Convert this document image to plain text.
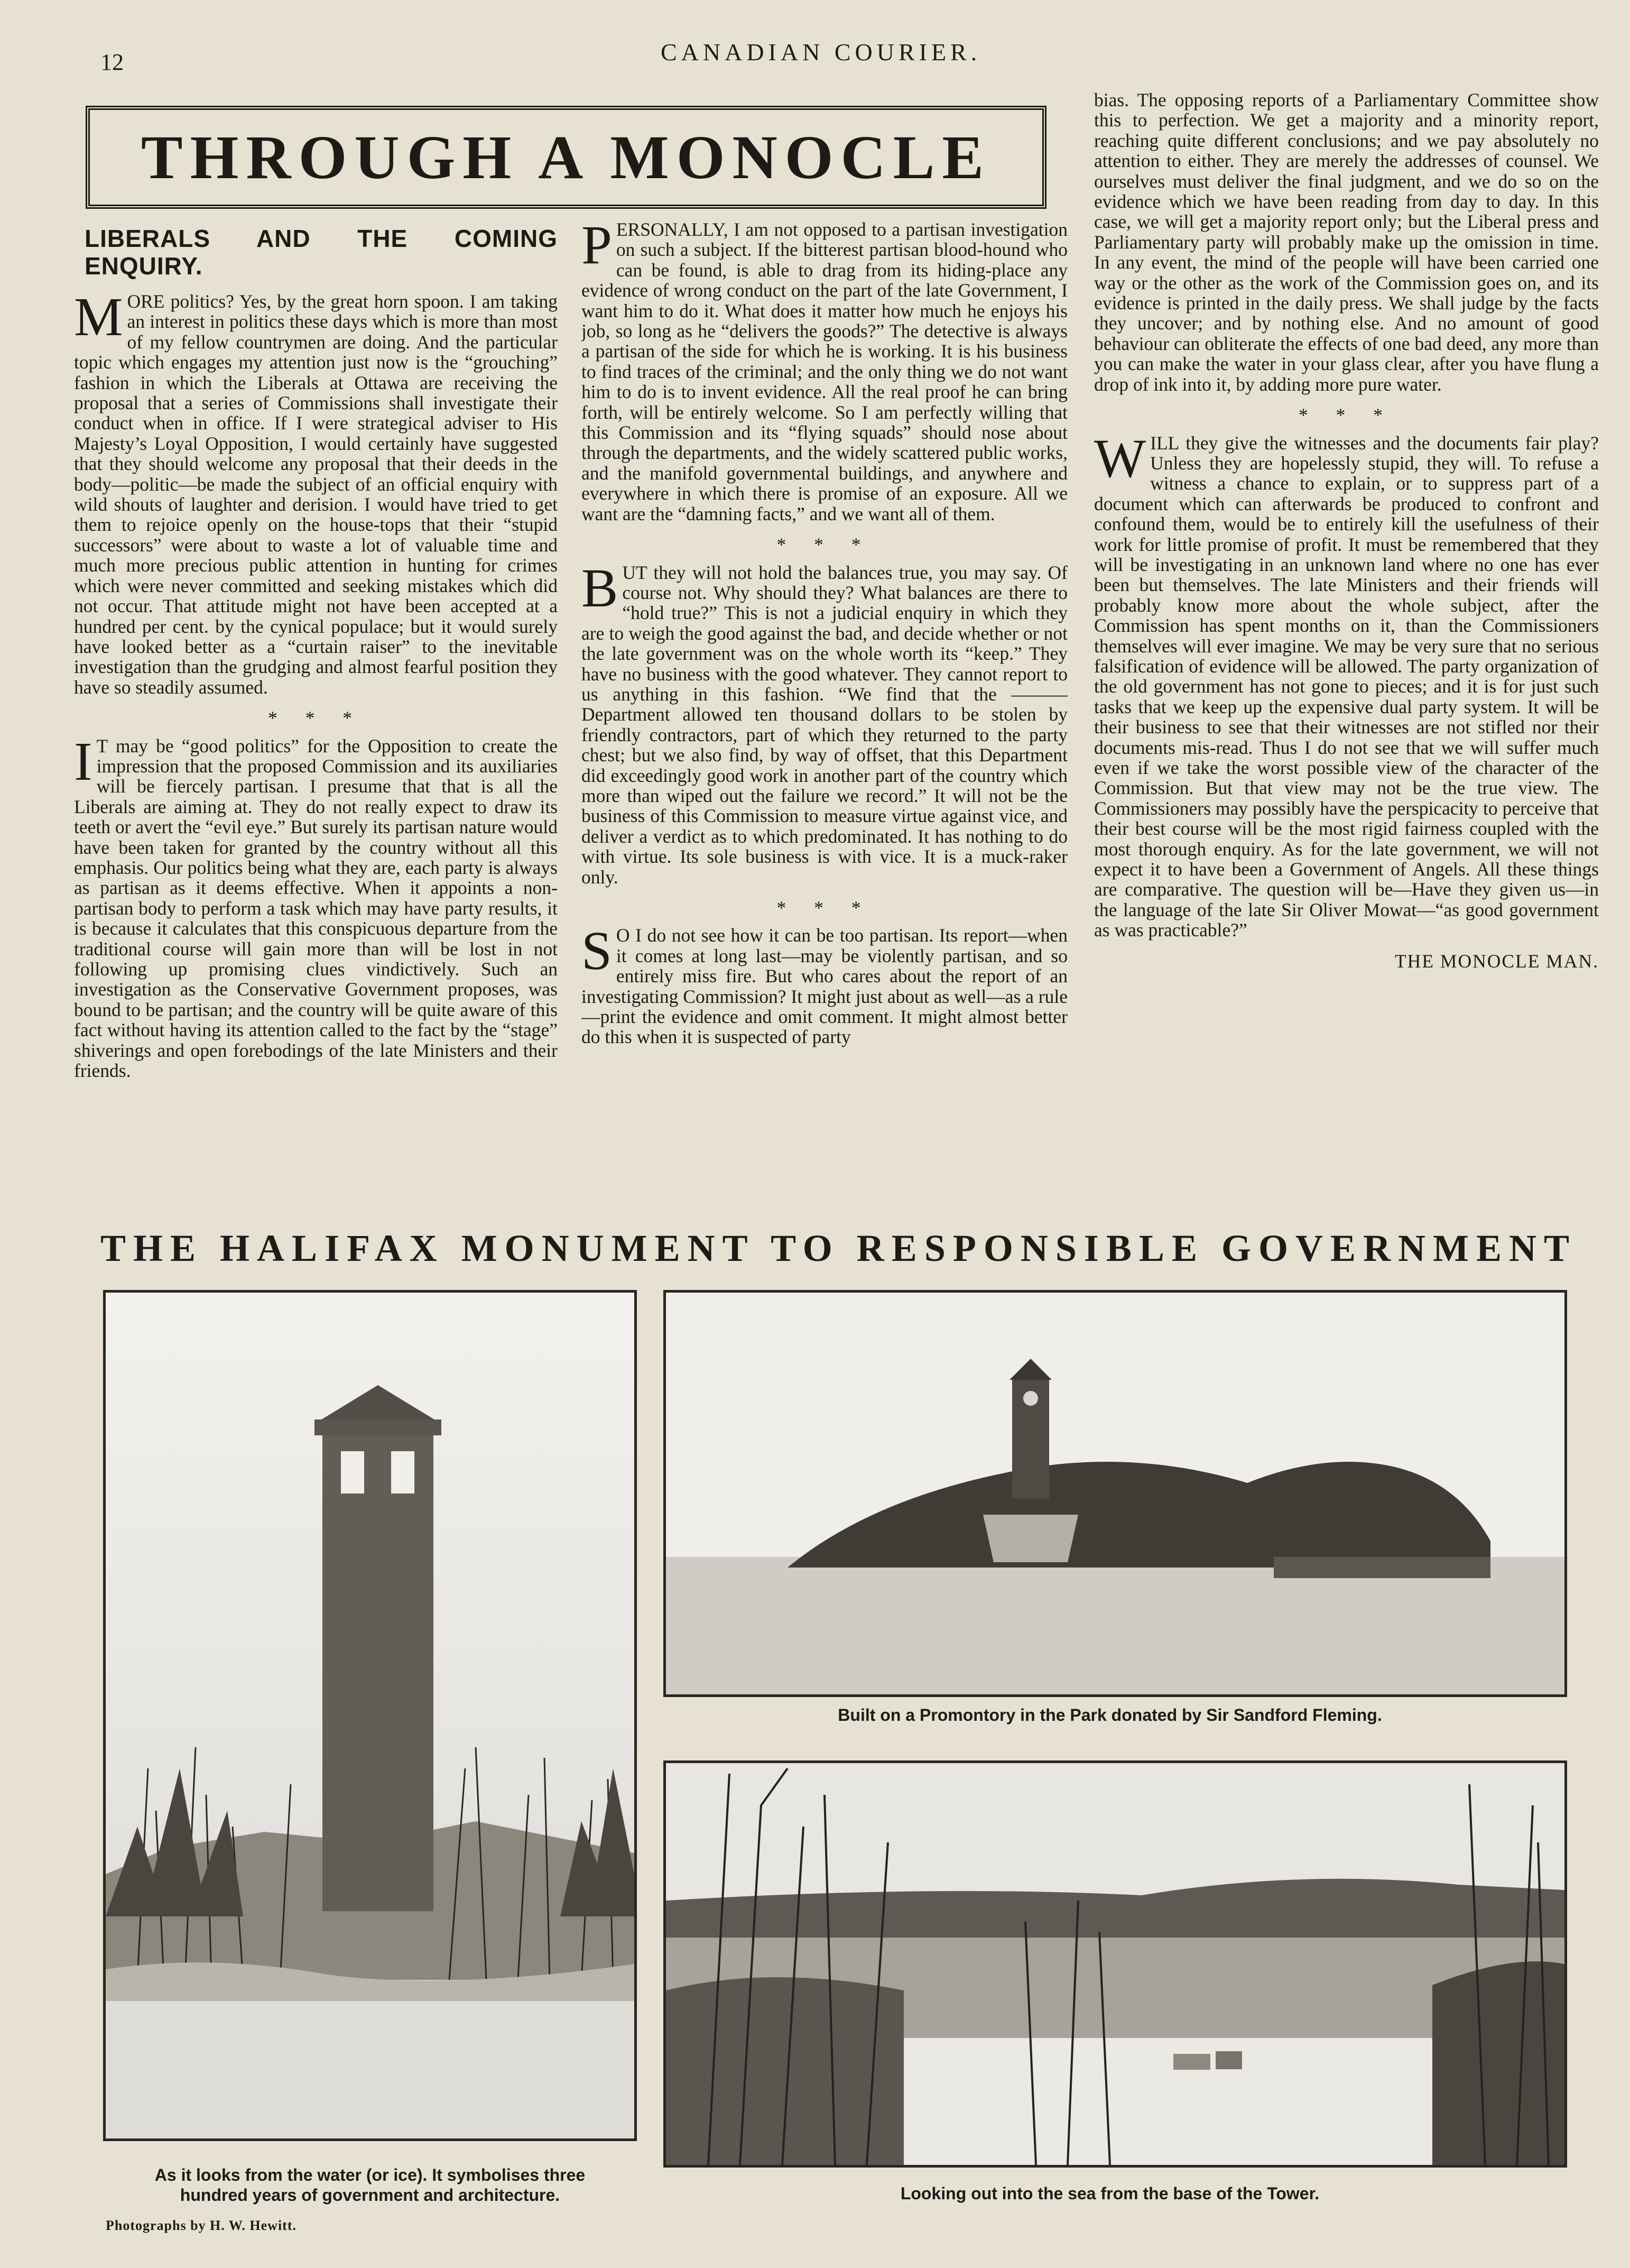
12	CANADIAN COURIER.
THROUGH A MONOCLE
LIBERALS AND THE COMING ENQUIRY.

MORE politics? Yes, by the great horn spoon. I am taking an interest in politics these days which is more than most of my fellow countrymen are doing. And the particular topic which engages my attention just now is the “grouching” fashion in which the Liberals at Ottawa are receiving the proposal that a series of Commissions shall investigate their conduct when in office. If I were strategical adviser to His Majesty’s Loyal Opposition, I would certainly have suggested that they should welcome any proposal that their deeds in the body—politic—be made the subject of an official enquiry with wild shouts of laughter and derision. I would have tried to get them to rejoice openly on the house-tops that their “stupid successors” were about to waste a lot of valuable time and much more precious public attention in hunting for crimes which were never committed and seeking mistakes which did not occur. That attitude might not have been accepted at a hundred per cent. by the cynical populace; but it would surely have looked better as a “curtain raiser” to the inevitable investigation than the grudging and almost fearful position they have so steadily assumed.

* * *

I T may be “good politics” for the Opposition to create the impression that the proposed Commission and its auxiliaries will be fiercely partisan. I presume that that is all the Liberals are aiming at. They do not really expect to draw its teeth or avert the “evil eye.” But surely its partisan nature would have been taken for granted by the country without all this emphasis. Our politics being what they are, each party is always as partisan as it deems effective. When it appoints a non-partisan body to perform a task which may have party results, it is because it calculates that this conspicuous departure from the traditional course will gain more than will be lost in not following up promising clues vindictively. Such an investigation as the Conservative Government proposes, was bound to be partisan; and the country will be quite aware of this fact without having its attention called to the fact by the “stage” shiverings and open forebodings of the late Ministers and their friends.

PERSONALLY, I am not opposed to a partisan investigation on such a subject. If the bitterest partisan blood-hound who can be found, is able to drag from its hiding-place any evidence of wrong conduct on the part of the late Government, I want him to do it. What does it matter how much he enjoys his job, so long as he “delivers the goods?” The detective is always a partisan of the side for which he is working. It is his business to find traces of the criminal; and the only thing we do not want him to do is to invent evidence. All the real proof he can bring forth, will be entirely welcome. So I am perfectly willing that this Commission and its “flying squads” should nose about through the departments, and the widely scattered public works, and the manifold governmental buildings, and anywhere and everywhere in which there is promise of an exposure. All we want are the “damning facts,” and we want all of them.

* * *

BUT they will not hold the balances true, you may say. Of course not. Why should they? What balances are there to “hold true?” This is not a judicial enquiry in which they are to weigh the good against the bad, and decide whether or not the late government was on the whole worth its “keep.” They have no business with the good whatever. They cannot report to us anything in this fashion. “We find that the ——— Department allowed ten thousand dollars to be stolen by friendly contractors, part of which they returned to the party chest; but we also find, by way of offset, that this Department did exceedingly good work in another part of the country which more than wiped out the failure we record.” It will not be the business of this Commission to measure virtue against vice, and deliver a verdict as to which predominated. It has nothing to do with virtue. Its sole business is with vice. It is a muck-raker only.

* * *

S O I do not see how it can be too partisan. Its report—when it comes at long last—may be violently partisan, and so entirely miss fire. But who cares about the report of an investigating Commission? It might just about as well—as a rule—print the evidence and omit comment. It might almost better do this when it is suspected of party

bias. The opposing reports of a Parliamentary Committee show this to perfection. We get a majority and a minority report, reaching quite different conclusions; and we pay absolutely no attention to either. They are merely the addresses of counsel. We ourselves must deliver the final judgment, and we do so on the evidence which we have been reading from day to day. In this case, we will get a majority report only; but the Liberal press and Parliamentary party will probably make up the omission in time. In any event, the mind of the people will have been carried one way or the other as the work of the Commission goes on, and its evidence is printed in the daily press. We shall judge by the facts they uncover; and by nothing else. And no amount of good behaviour can obliterate the effects of one bad deed, any more than you can make the water in your glass clear, after you have flung a drop of ink into it, by adding more pure water.

* * *

WILL they give the witnesses and the documents fair play? Unless they are hopelessly stupid, they will. To refuse a witness a chance to explain, or to suppress part of a document which can afterwards be produced to confront and confound them, would be to entirely kill the usefulness of their work for little promise of profit. It must be remembered that they will be investigating in an unknown land where no one has ever been but themselves. The late Ministers and their friends will probably know more about the whole subject, after the Commission has spent months on it, than the Commissioners themselves will ever imagine. We may be very sure that no serious falsification of evidence will be allowed. The party organization of the old government has not gone to pieces; and it is for just such tasks that we keep up the expensive dual party system. It will be their business to see that their witnesses are not stifled nor their documents mis-read. Thus I do not see that we will suffer much even if we take the worst possible view of the character of the Commission. But that view may not be the true view. The Commissioners may possibly have the perspicacity to perceive that their best course will be the most rigid fairness coupled with the most thorough enquiry. As for the late government, we will not expect it to have been a Government of Angels. All these things are comparative. The question will be—Have they given us—in the language of the late Sir Oliver Mowat—“as good government as was practicable?”

THE MONOCLE MAN.
THE HALIFAX MONUMENT TO RESPONSIBLE GOVERNMENT
As it looks from the water (or ice). It symbolises three hundred years of government and architecture.
Built on a Promontory in the Park donated by Sir Sandford Fleming.
Looking out into the sea from the base of the Tower.
Photographs by H. W. Hewitt.
